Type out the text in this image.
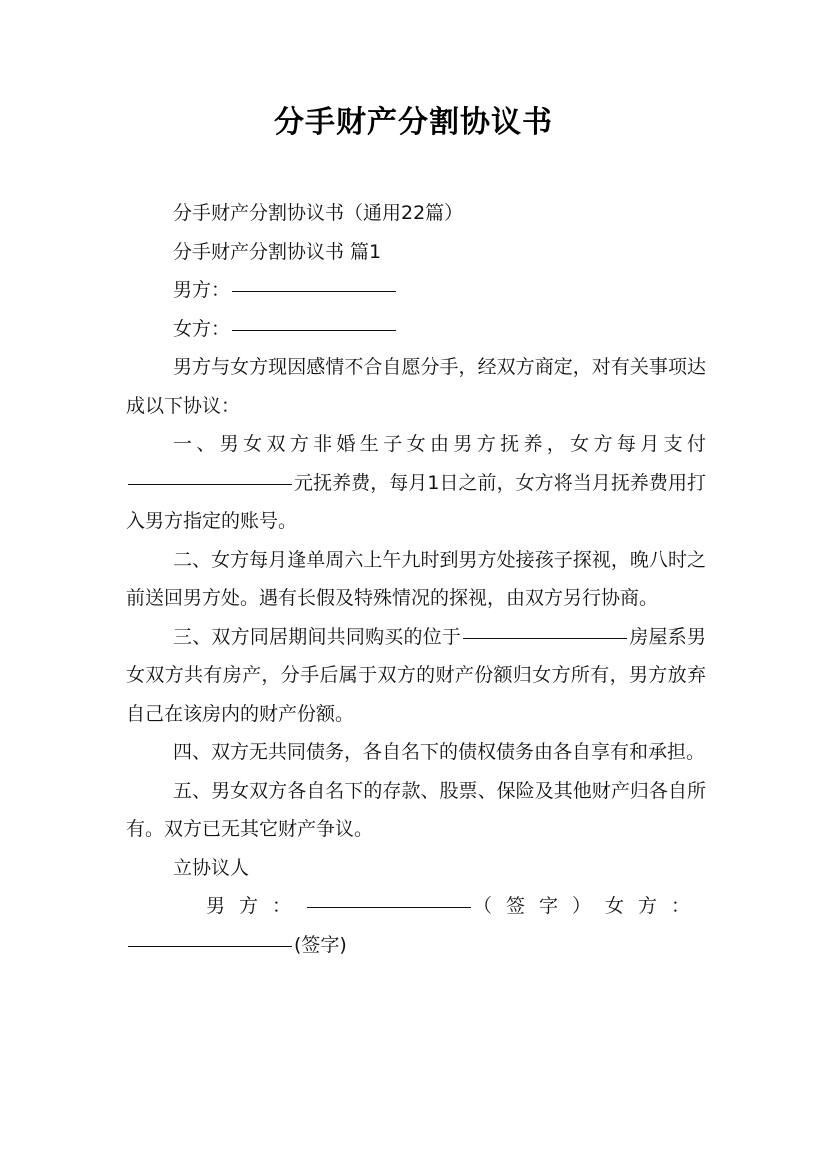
分手财产分割协议书

分手财产分割协议书（通用22篇）

分手财产分割协议书 篇1

男方：

女方：

男方与女方现因感情不合自愿分手，经双方商定，对有关事项达成以下协议：

一、男女双方非婚生子女由男方抚养，女方每月支付元抚养费，每月1日之前，女方将当月抚养费用打入男方指定的账号。

二、女方每月逢单周六上午九时到男方处接孩子探视，晚八时之前送回男方处。遇有长假及特殊情况的探视，由双方另行协商。

三、双方同居期间共同购买的位于	房屋系男女双方共有房产，分手后属于双方的财产份额归女方所有，男方放弃自己在该房内的财产份额。

四、双方无共同债务，各自名下的债权债务由各自享有和承担。

五、男女双方各自名下的存款、股票、保险及其他财产归各自所有。双方已无其它财产争议。

立协议人

男方：	（签字）女方：

(签字)
